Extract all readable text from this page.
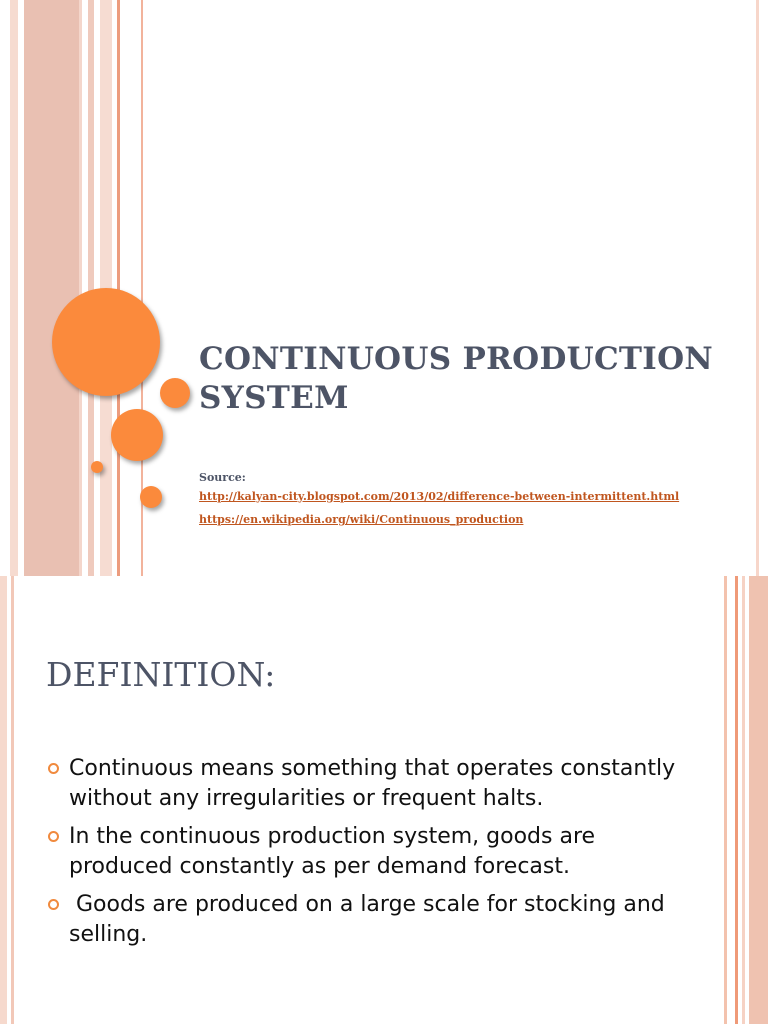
CONTINUOUS PRODUCTION SYSTEM
Source:
http://kalyan-city.blogspot.com/2013/02/difference-between-intermittent.html
https://en.wikipedia.org/wiki/Continuous_production
DEFINITION:
Continuous means something that operates constantly without any irregularities or frequent halts.
In the continuous production system, goods are produced constantly as per demand forecast.
Goods are produced on a large scale for stocking and selling.
